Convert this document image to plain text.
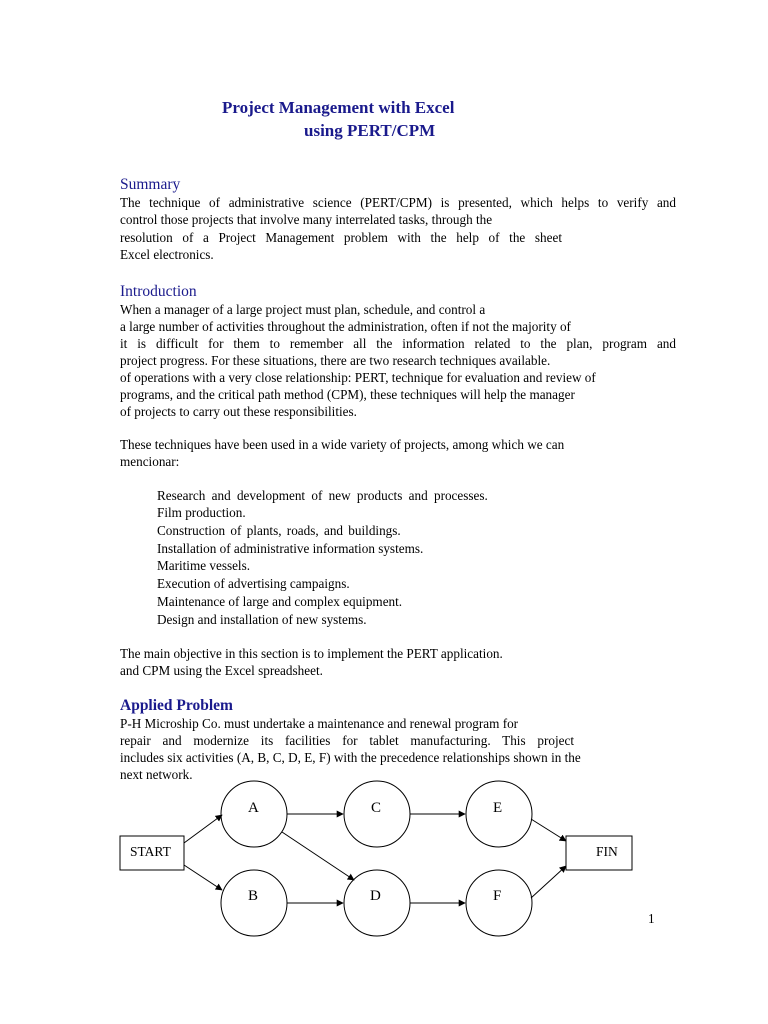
Project Management with Excel
using PERT/CPM
Summary
The technique of administrative science (PERT/CPM) is presented, which helps to verify and
control those projects that involve many interrelated tasks, through the
resolution of a Project Management problem with the help of the sheet
Excel electronics.
Introduction
When a manager of a large project must plan, schedule, and control a
a large number of activities throughout the administration, often if not the majority of
it is difficult for them to remember all the information related to the plan, program and
project progress. For these situations, there are two research techniques available.
of operations with a very close relationship: PERT, technique for evaluation and review of
programs, and the critical path method (CPM), these techniques will help the manager
of projects to carry out these responsibilities.
These techniques have been used in a wide variety of projects, among which we can
mencionar:
Research and development of new products and processes.
Film production.
Construction of plants, roads, and buildings.
Installation of administrative information systems.
Maritime vessels.
Execution of advertising campaigns.
Maintenance of large and complex equipment.
Design and installation of new systems.
The main objective in this section is to implement the PERT application.
and CPM using the Excel spreadsheet.
Applied Problem
P-H Microship Co. must undertake a maintenance and renewal program for
repair and modernize its facilities for tablet manufacturing. This project
includes six activities (A, B, C, D, E, F) with the precedence relationships shown in the
next network.
START	FIN
A
B
C
D
E
F
1
